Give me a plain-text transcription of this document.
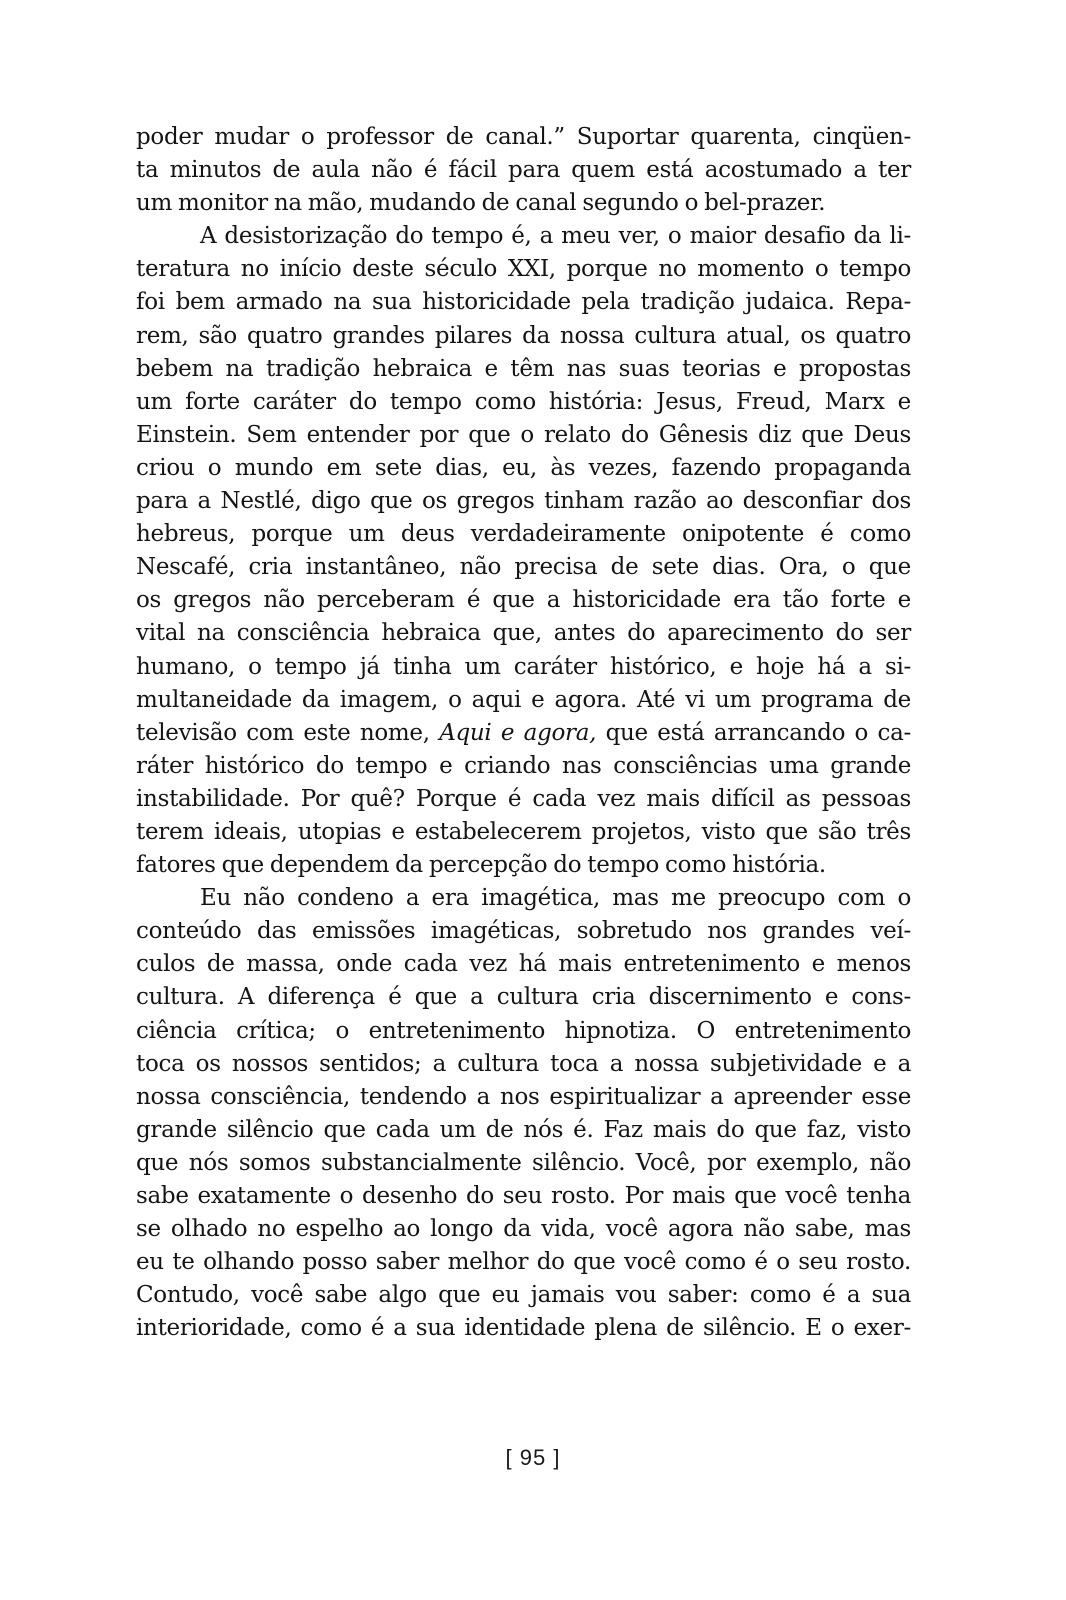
poder mudar o professor de canal.” Suportar quarenta, cinqüen-
ta minutos de aula não é fácil para quem está acostumado a ter
um monitor na mão, mudando de canal segundo o bel-prazer.
A desistorização do tempo é, a meu ver, o maior desafio da li-
teratura no início deste século XXI, porque no momento o tempo
foi bem armado na sua historicidade pela tradição judaica. Repa-
rem, são quatro grandes pilares da nossa cultura atual, os quatro
bebem na tradição hebraica e têm nas suas teorias e propostas
um forte caráter do tempo como história: Jesus, Freud, Marx e
Einstein. Sem entender por que o relato do Gênesis diz que Deus
criou o mundo em sete dias, eu, às vezes, fazendo propaganda
para a Nestlé, digo que os gregos tinham razão ao desconfiar dos
hebreus, porque um deus verdadeiramente onipotente é como
Nescafé, cria instantâneo, não precisa de sete dias. Ora, o que
os gregos não perceberam é que a historicidade era tão forte e
vital na consciência hebraica que, antes do aparecimento do ser
humano, o tempo já tinha um caráter histórico, e hoje há a si-
multaneidade da imagem, o aqui e agora. Até vi um programa de
televisão com este nome, Aqui e agora, que está arrancando o ca-
ráter histórico do tempo e criando nas consciências uma grande
instabilidade. Por quê? Porque é cada vez mais difícil as pessoas
terem ideais, utopias e estabelecerem projetos, visto que são três
fatores que dependem da percepção do tempo como história.
Eu não condeno a era imagética, mas me preocupo com o
conteúdo das emissões imagéticas, sobretudo nos grandes veí-
culos de massa, onde cada vez há mais entretenimento e menos
cultura. A diferença é que a cultura cria discernimento e cons-
ciência crítica; o entretenimento hipnotiza. O entretenimento
toca os nossos sentidos; a cultura toca a nossa subjetividade e a
nossa consciência, tendendo a nos espiritualizar a apreender esse
grande silêncio que cada um de nós é. Faz mais do que faz, visto
que nós somos substancialmente silêncio. Você, por exemplo, não
sabe exatamente o desenho do seu rosto. Por mais que você tenha
se olhado no espelho ao longo da vida, você agora não sabe, mas
eu te olhando posso saber melhor do que você como é o seu rosto.
Contudo, você sabe algo que eu jamais vou saber: como é a sua
interioridade, como é a sua identidade plena de silêncio. E o exer-
[ 95 ]
